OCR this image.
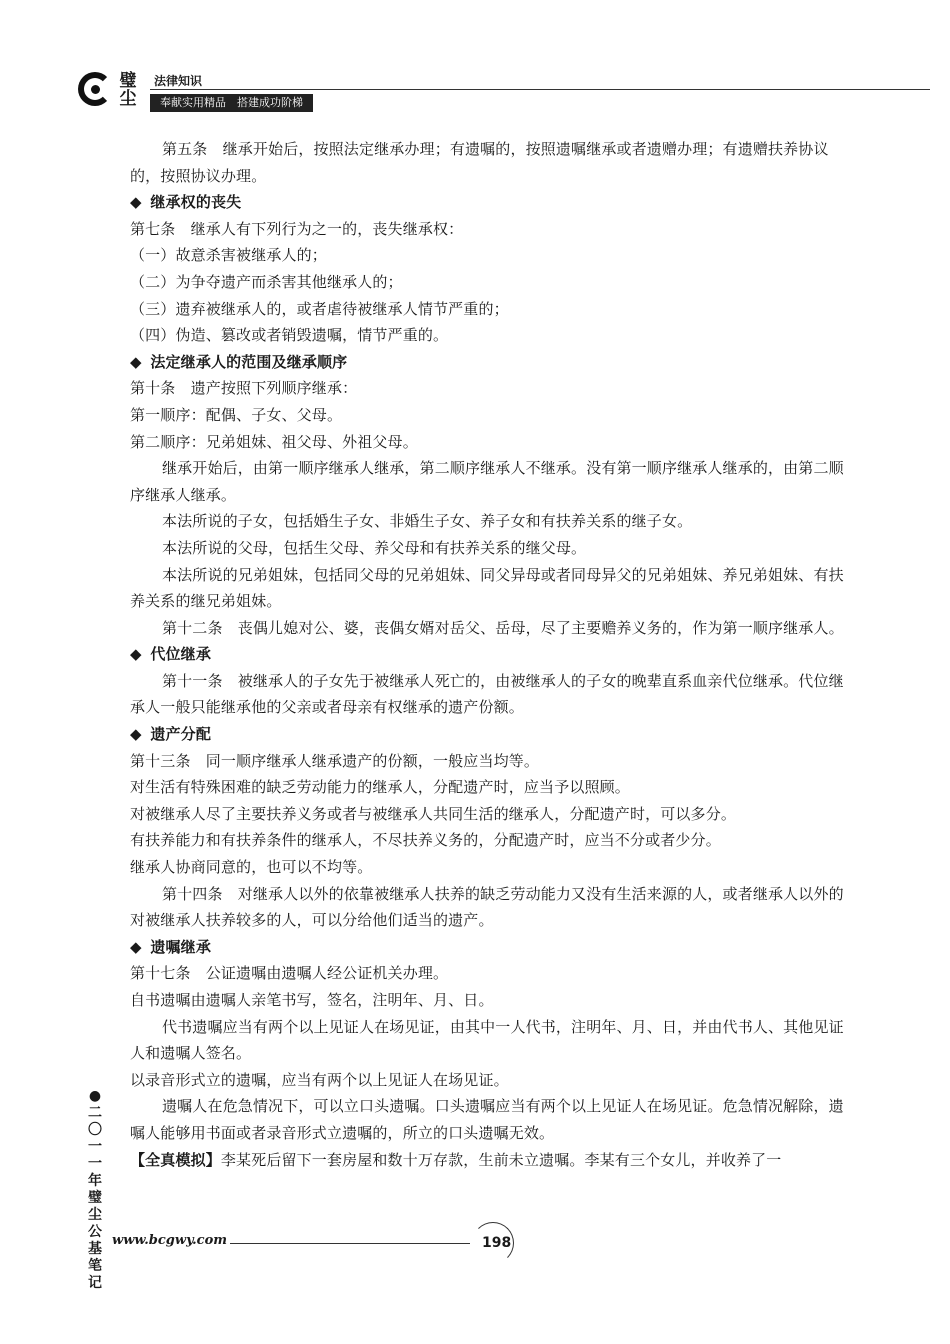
璧尘
法律知识
奉献实用精品　搭建成功阶梯

第五条　继承开始后，按照法定继承办理；有遗嘱的，按照遗嘱继承或者遗赠办理；有遗赠扶养协议的，按照协议办理。

◆ 继承权的丧失

第七条　继承人有下列行为之一的，丧失继承权：

（一）故意杀害被继承人的；

（二）为争夺遗产而杀害其他继承人的；

（三）遗弃被继承人的，或者虐待被继承人情节严重的；

（四）伪造、篡改或者销毁遗嘱，情节严重的。

◆ 法定继承人的范围及继承顺序

第十条　遗产按照下列顺序继承：

第一顺序：配偶、子女、父母。

第二顺序：兄弟姐妹、祖父母、外祖父母。

继承开始后，由第一顺序继承人继承，第二顺序继承人不继承。没有第一顺序继承人继承的，由第二顺序继承人继承。

本法所说的子女，包括婚生子女、非婚生子女、养子女和有扶养关系的继子女。

本法所说的父母，包括生父母、养父母和有扶养关系的继父母。

本法所说的兄弟姐妹，包括同父母的兄弟姐妹、同父异母或者同母异父的兄弟姐妹、养兄弟姐妹、有扶养关系的继兄弟姐妹。

第十二条　丧偶儿媳对公、婆，丧偶女婿对岳父、岳母，尽了主要赡养义务的，作为第一顺序继承人。

◆ 代位继承

第十一条　被继承人的子女先于被继承人死亡的，由被继承人的子女的晚辈直系血亲代位继承。代位继承人一般只能继承他的父亲或者母亲有权继承的遗产份额。

◆ 遗产分配

第十三条　同一顺序继承人继承遗产的份额，一般应当均等。

对生活有特殊困难的缺乏劳动能力的继承人，分配遗产时，应当予以照顾。

对被继承人尽了主要扶养义务或者与被继承人共同生活的继承人，分配遗产时，可以多分。

有扶养能力和有扶养条件的继承人，不尽扶养义务的，分配遗产时，应当不分或者少分。

继承人协商同意的，也可以不均等。

第十四条　对继承人以外的依靠被继承人扶养的缺乏劳动能力又没有生活来源的人，或者继承人以外的对被继承人扶养较多的人，可以分给他们适当的遗产。

◆ 遗嘱继承

第十七条　公证遗嘱由遗嘱人经公证机关办理。

自书遗嘱由遗嘱人亲笔书写，签名，注明年、月、日。

代书遗嘱应当有两个以上见证人在场见证，由其中一人代书，注明年、月、日，并由代书人、其他见证人和遗嘱人签名。

以录音形式立的遗嘱，应当有两个以上见证人在场见证。

遗嘱人在危急情况下，可以立口头遗嘱。口头遗嘱应当有两个以上见证人在场见证。危急情况解除，遗嘱人能够用书面或者录音形式立遗嘱的，所立的口头遗嘱无效。

【全真模拟】李某死后留下一套房屋和数十万存款，生前未立遗嘱。李某有三个女儿，并收养了一

●
二〇一一年璧尘公基笔记
www.bcgwy.com	198
